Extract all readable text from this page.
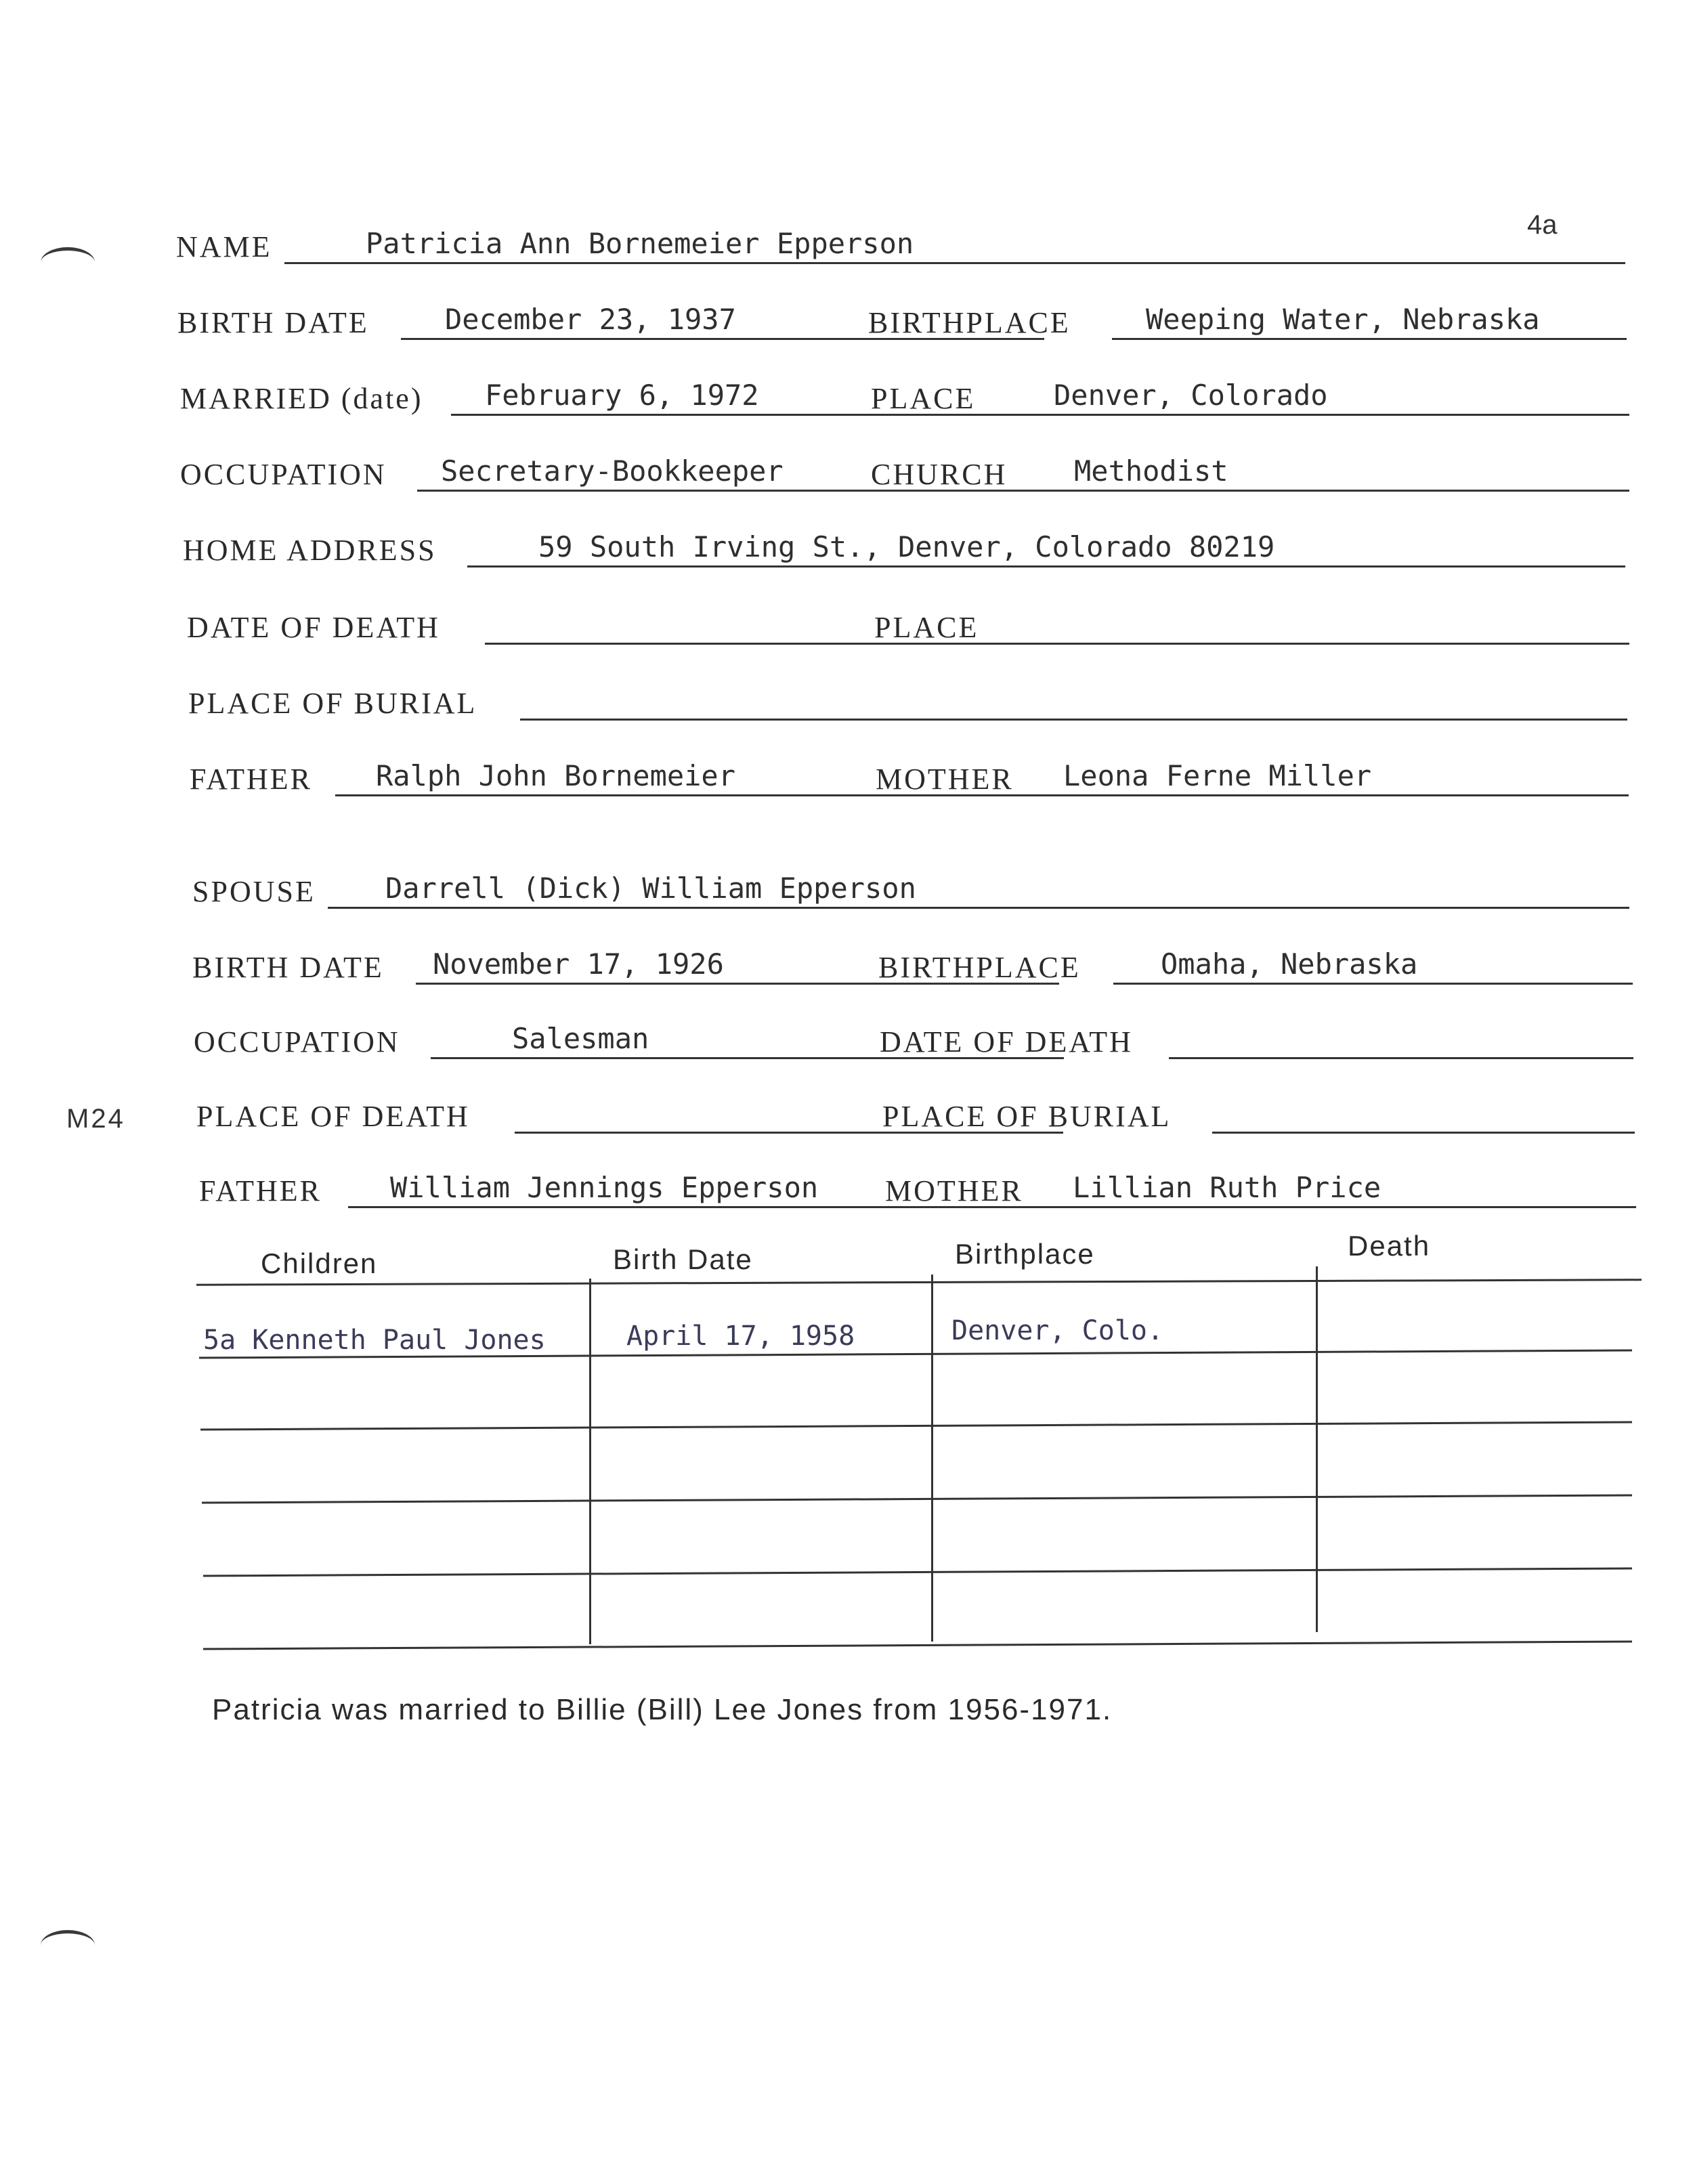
4a
M24
NAME	Patricia Ann Bornemeier Epperson
BIRTH DATE	December 23, 1937	BIRTHPLACE	Weeping Water, Nebraska
MARRIED (date) February 6, 1972	PLACE	Denver, Colorado
OCCUPATION Secretary-Bookkeeper	CHURCH Methodist
HOME ADDRESS	59 South Irving St., Denver, Colorado 80219
DATE OF DEATH	PLACE
PLACE OF BURIAL
FATHER Ralph John Bornemeier	MOTHER Leona Ferne Miller
SPOUSE Darrell (Dick) William Epperson
BIRTH DATE November 17, 1926	BIRTHPLACE	Omaha, Nebraska
OCCUPATION	Salesman	DATE OF DEATH
PLACE OF DEATH	PLACE OF BURIAL
FATHER William Jennings Epperson MOTHER Lillian Ruth Price
Children	Birth Date	Birthplace	Death
5a Kenneth Paul Jones	April 17, 1958	Denver, Colo.
Patricia was married to Billie (Bill) Lee Jones from 1956-1971.
